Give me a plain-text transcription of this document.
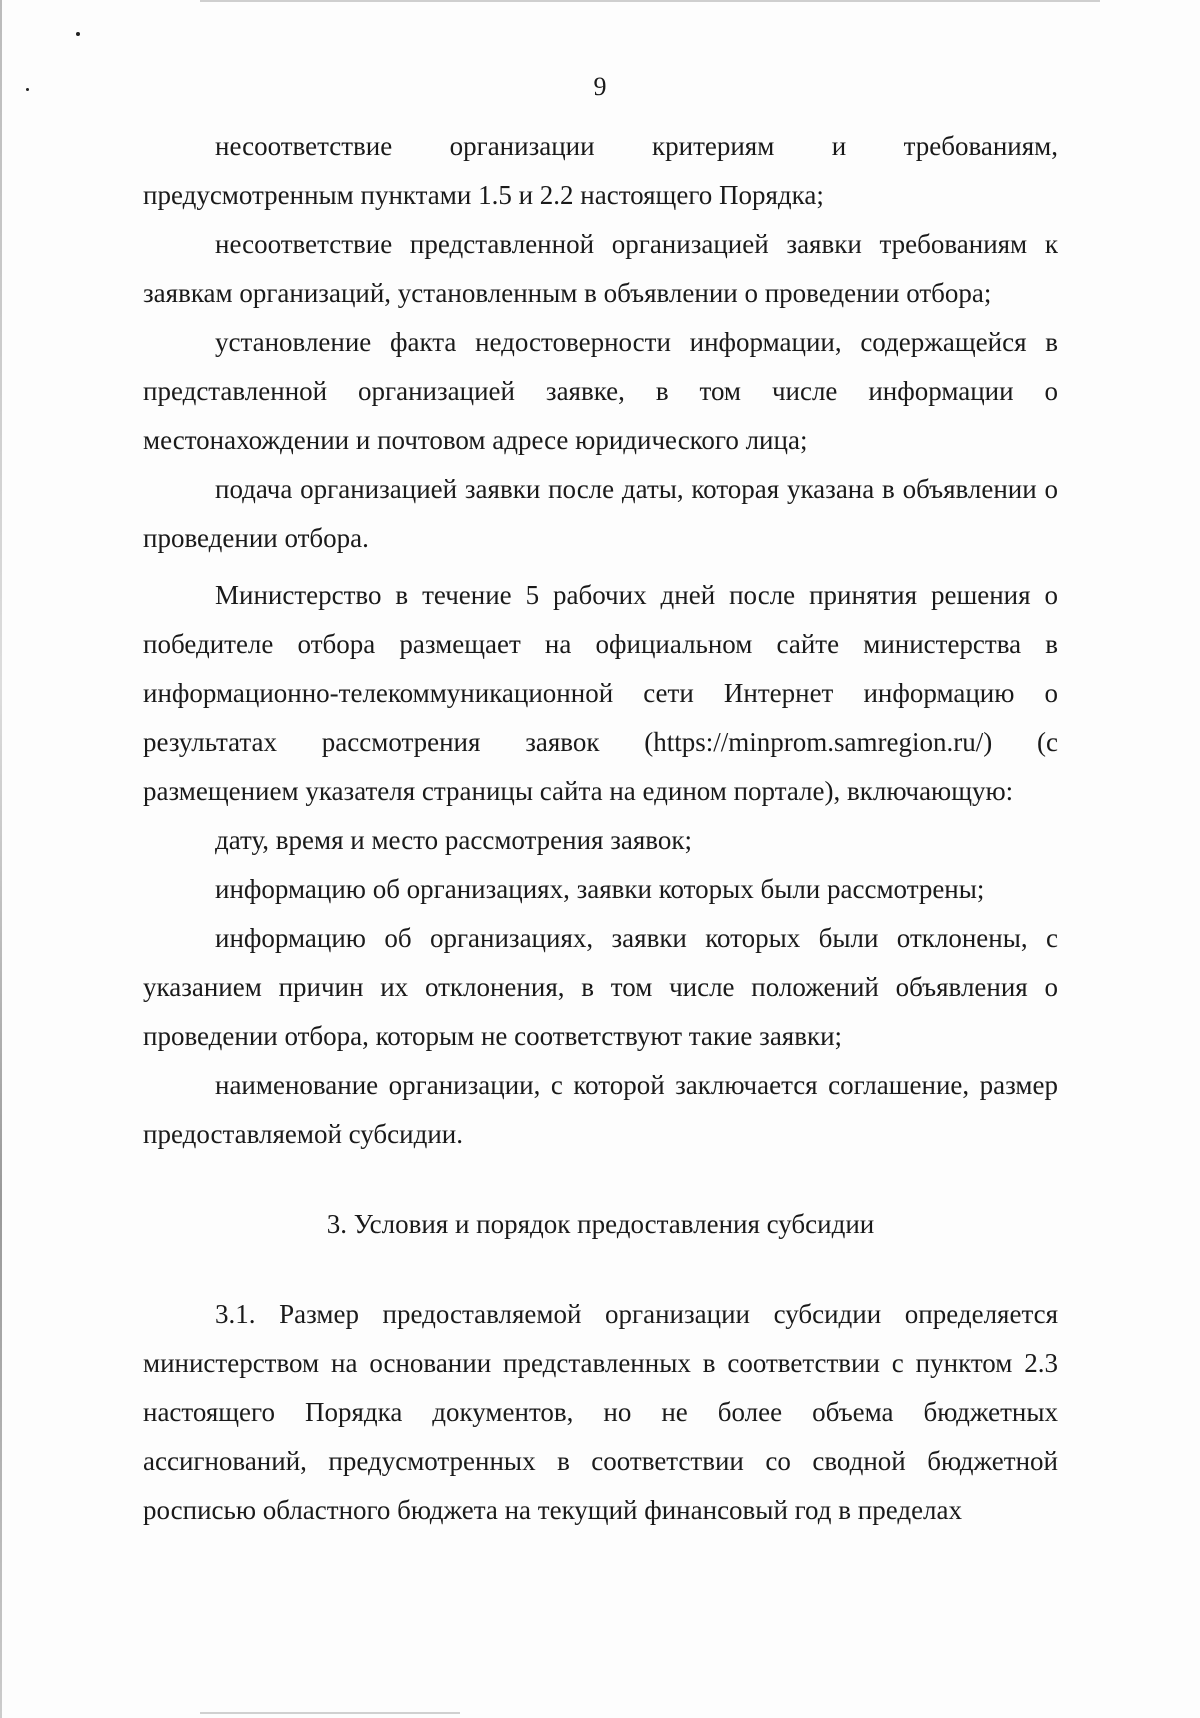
9

несоответствие организации критериям и требованиям, предусмотренным пунктами 1.5 и 2.2 настоящего Порядка;

несоответствие представленной организацией заявки требованиям к заявкам организаций, установленным в объявлении о проведении отбора;

установление факта недостоверности информации, содержащейся в представленной организацией заявке, в том числе информации о местонахождении и почтовом адресе юридического лица;

подача организацией заявки после даты, которая указана в объявлении о проведении отбора.

Министерство в течение 5 рабочих дней после принятия решения о победителе отбора размещает на официальном сайте министерства в информационно-телекоммуникационной сети Интернет информацию о результатах рассмотрения заявок (https://minprom.samregion.ru/) (с размещением указателя страницы сайта на едином портале), включающую:

дату, время и место рассмотрения заявок;

информацию об организациях, заявки которых были рассмотрены;

информацию об организациях, заявки которых были отклонены, с указанием причин их отклонения, в том числе положений объявления о проведении отбора, которым не соответствуют такие заявки;

наименование организации, с которой заключается соглашение, размер предоставляемой субсидии.

3. Условия и порядок предоставления субсидии

3.1. Размер предоставляемой организации субсидии определяется министерством на основании представленных в соответствии с пунктом 2.3 настоящего Порядка документов, но не более объема бюджетных ассигнований, предусмотренных в соответствии со сводной бюджетной росписью областного бюджета на текущий финансовый год в пределах
